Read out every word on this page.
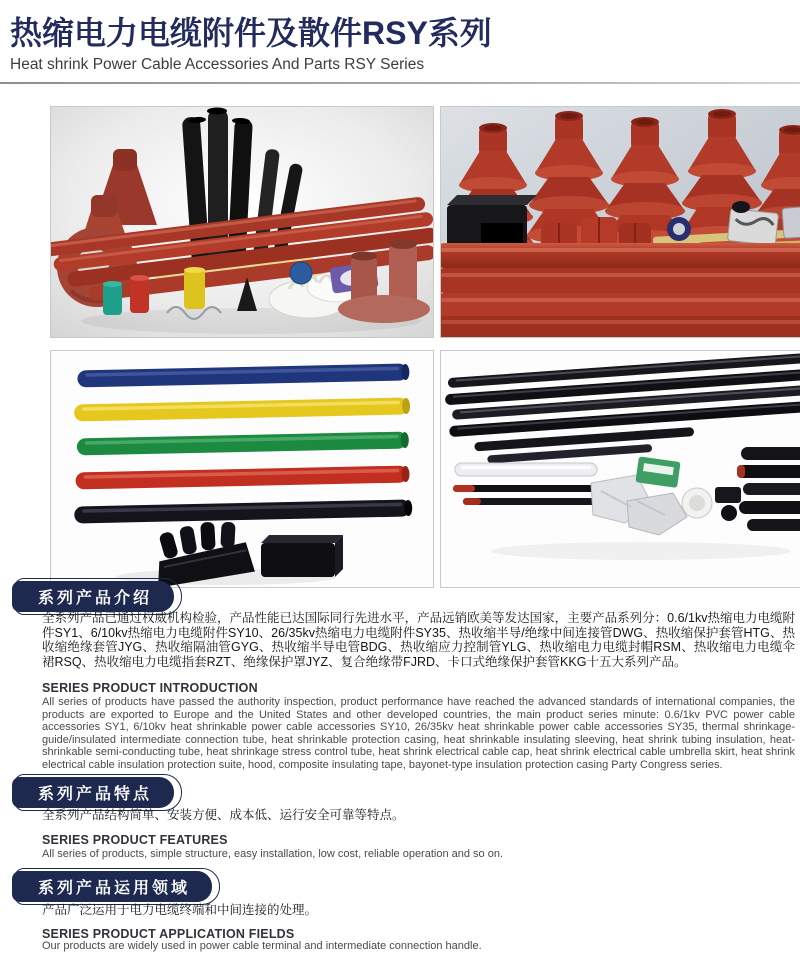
热缩电力电缆附件及散件RSY系列
Heat shrink Power Cable Accessories And Parts RSY Series
系列产品介绍

全系列产品已通过权威机构检验，产品性能已达国际同行先进水平，产品远销欧美等发达国家，主要产品系列分：0.6/1kv热缩电力电缆附件SY1、6/10kv热缩电力电缆附件SY10、26/35kv热缩电力电缆附件SY35、热收缩半导/绝缘中间连接管DWG、热收缩保护套管HTG、热收缩绝缘套管JYG、热收缩隔油管GYG、热收缩半导电管BDG、热收缩应力控制管YLG、热收缩电力电缆封帽RSM、热收缩电力电缆伞裙RSQ、热收缩电力电缆指套RZT、绝缘保护罩JYZ、复合绝缘带FJRD、卡口式绝缘保护套管KKG十五大系列产品。

SERIES PRODUCT INTRODUCTION

All series of products have passed the authority inspection, product performance have reached the advanced standards of international companies, the products are exported to Europe and the United States and other developed countries, the main product series minute: 0.6/1kv PVC power cable accessories SY1, 6/10kv heat shrinkable power cable accessories SY10, 26/35kv heat shrinkable power cable accessories SY35, thermal shrinkage-guide/insulated intermediate connection tube, heat shrinkable protection casing, heat shrinkable insulating sleeving, heat shrink tubing insulation, heat-shrinkable semi-conducting tube, heat shrinkage stress control tube, heat shrink electrical cable cap, heat shrink electrical cable umbrella skirt, heat shrink electrical cable insulation protection suite, hood, composite insulating tape, bayonet-type insulation protection casing Party Congress series.

系列产品特点

全系列产品结构简单、安装方便、成本低、运行安全可靠等特点。

SERIES PRODUCT FEATURES

All series of products, simple structure, easy installation, low cost, reliable operation and so on.

系列产品运用领域

产品广泛运用于电力电缆终端和中间连接的处理。

SERIES PRODUCT APPLICATION FIELDS

Our products are widely used in power cable terminal and intermediate connection handle.
